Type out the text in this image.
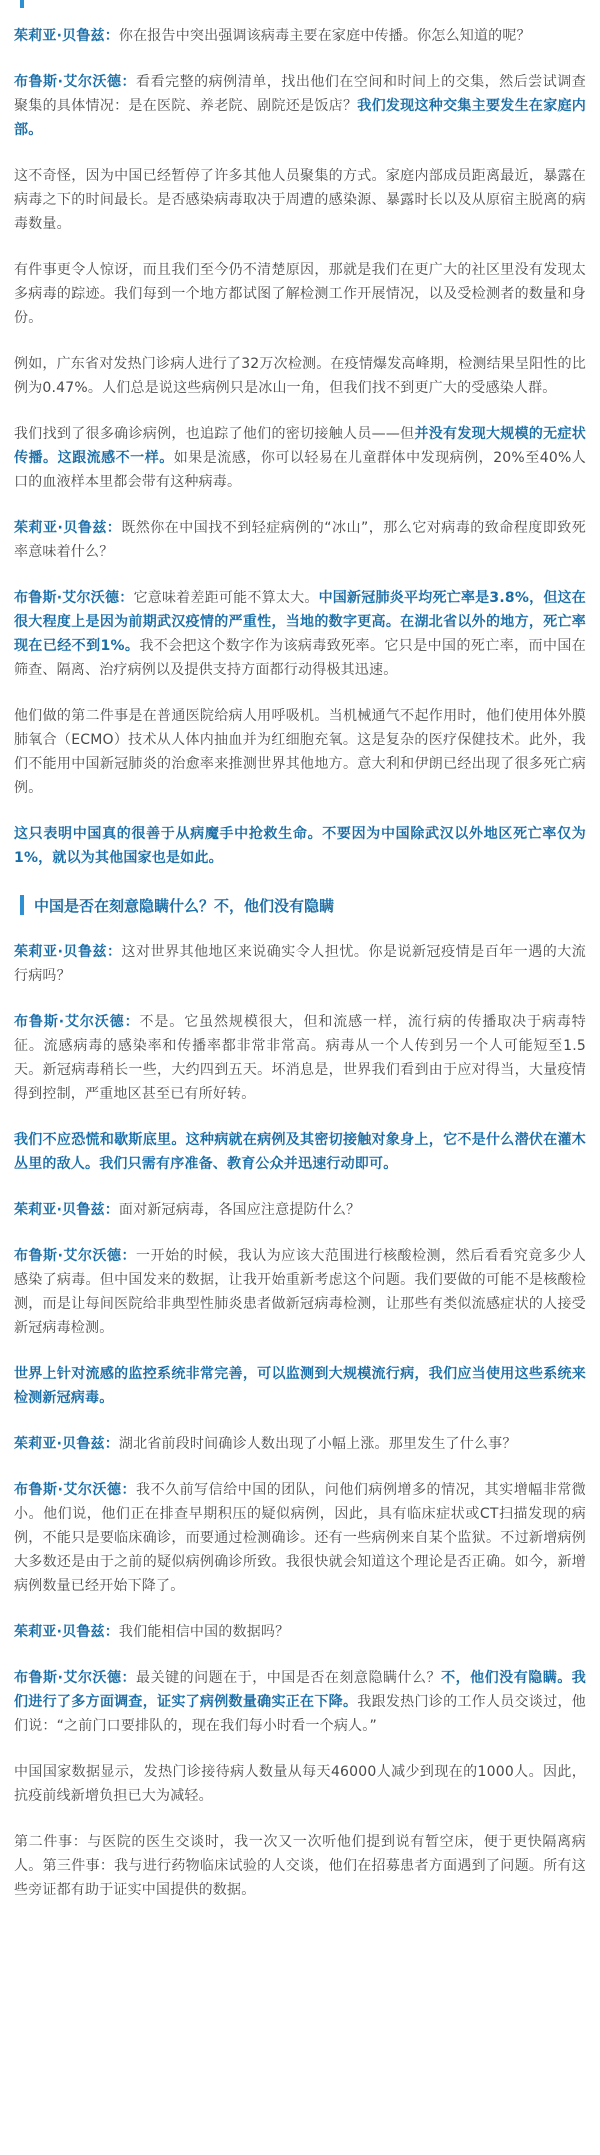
茱莉亚·贝鲁兹：你在报告中突出强调该病毒主要在家庭中传播。你怎么知道的呢？

布鲁斯·艾尔沃德：看看完整的病例清单，找出他们在空间和时间上的交集，然后尝试调查聚集的具体情况：是在医院、养老院、剧院还是饭店？我们发现这种交集主要发生在家庭内部。

这不奇怪，因为中国已经暂停了许多其他人员聚集的方式。家庭内部成员距离最近，暴露在病毒之下的时间最长。是否感染病毒取决于周遭的感染源、暴露时长以及从原宿主脱离的病毒数量。

有件事更令人惊讶，而且我们至今仍不清楚原因，那就是我们在更广大的社区里没有发现太多病毒的踪迹。我们每到一个地方都试图了解检测工作开展情况，以及受检测者的数量和身份。

例如，广东省对发热门诊病人进行了32万次检测。在疫情爆发高峰期，检测结果呈阳性的比例为0.47%。人们总是说这些病例只是冰山一角，但我们找不到更广大的受感染人群。

我们找到了很多确诊病例，也追踪了他们的密切接触人员——但并没有发现大规模的无症状传播。这跟流感不一样。如果是流感，你可以轻易在儿童群体中发现病例，20%至40%人口的血液样本里都会带有这种病毒。

茱莉亚·贝鲁兹：既然你在中国找不到轻症病例的“冰山”，那么它对病毒的致命程度即致死率意味着什么？

布鲁斯·艾尔沃德：它意味着差距可能不算太大。中国新冠肺炎平均死亡率是3.8%，但这在很大程度上是因为前期武汉疫情的严重性，当地的数字更高。在湖北省以外的地方，死亡率现在已经不到1%。我不会把这个数字作为该病毒致死率。它只是中国的死亡率，而中国在筛查、隔离、治疗病例以及提供支持方面都行动得极其迅速。

他们做的第二件事是在普通医院给病人用呼吸机。当机械通气不起作用时，他们使用体外膜肺氧合（ECMO）技术从人体内抽血并为红细胞充氧。这是复杂的医疗保健技术。此外，我们不能用中国新冠肺炎的治愈率来推测世界其他地方。意大利和伊朗已经出现了很多死亡病例。

这只表明中国真的很善于从病魔手中抢救生命。不要因为中国除武汉以外地区死亡率仅为1%，就以为其他国家也是如此。

中国是否在刻意隐瞒什么？不，他们没有隐瞒

茱莉亚·贝鲁兹：这对世界其他地区来说确实令人担忧。你是说新冠疫情是百年一遇的大流行病吗？

布鲁斯·艾尔沃德：不是。它虽然规模很大，但和流感一样，流行病的传播取决于病毒特征。流感病毒的感染率和传播率都非常非常高。病毒从一个人传到另一个人可能短至1.5天。新冠病毒稍长一些，大约四到五天。坏消息是，世界我们看到由于应对得当，大量疫情得到控制，严重地区甚至已有所好转。

我们不应恐慌和歇斯底里。这种病就在病例及其密切接触对象身上，它不是什么潜伏在灌木丛里的敌人。我们只需有序准备、教育公众并迅速行动即可。

茱莉亚·贝鲁兹：面对新冠病毒，各国应注意提防什么？

布鲁斯·艾尔沃德：一开始的时候，我认为应该大范围进行核酸检测，然后看看究竟多少人感染了病毒。但中国发来的数据，让我开始重新考虑这个问题。我们要做的可能不是核酸检测，而是让每间医院给非典型性肺炎患者做新冠病毒检测，让那些有类似流感症状的人接受新冠病毒检测。

世界上针对流感的监控系统非常完善，可以监测到大规模流行病，我们应当使用这些系统来检测新冠病毒。

茱莉亚·贝鲁兹：湖北省前段时间确诊人数出现了小幅上涨。那里发生了什么事？

布鲁斯·艾尔沃德：我不久前写信给中国的团队，问他们病例增多的情况，其实增幅非常微小。他们说，他们正在排查早期积压的疑似病例，因此，具有临床症状或CT扫描发现的病例，不能只是要临床确诊，而要通过检测确诊。还有一些病例来自某个监狱。不过新增病例大多数还是由于之前的疑似病例确诊所致。我很快就会知道这个理论是否正确。如今，新增病例数量已经开始下降了。

茱莉亚·贝鲁兹：我们能相信中国的数据吗？

布鲁斯·艾尔沃德：最关键的问题在于，中国是否在刻意隐瞒什么？不，他们没有隐瞒。我们进行了多方面调查，证实了病例数量确实正在下降。我跟发热门诊的工作人员交谈过，他们说：“之前门口要排队的，现在我们每小时看一个病人。”

中国国家数据显示，发热门诊接待病人数量从每天46000人减少到现在的1000人。因此，抗疫前线新增负担已大为减轻。

第二件事：与医院的医生交谈时，我一次又一次听他们提到说有暂空床，便于更快隔离病人。第三件事：我与进行药物临床试验的人交谈，他们在招募患者方面遇到了问题。所有这些旁证都有助于证实中国提供的数据。
